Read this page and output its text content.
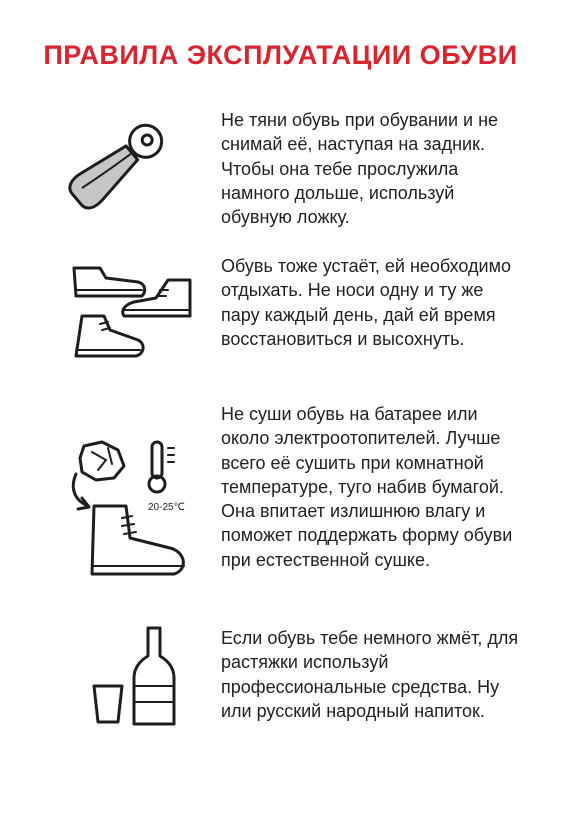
ПРАВИЛА ЭКСПЛУАТАЦИИ ОБУВИ
Не тяни обувь при обувании и не снимай её, наступая на задник. Чтобы она тебе прослужила намного дольше, используй обувную ложку.
Обувь тоже устаёт, ей необходимо отдыхать. Не носи одну и ту же пару каждый день, дай ей время восстановиться и высохнуть.
20-25℃
Не суши обувь на батарее или около электроотопителей. Лучше всего её сушить при комнатной температуре, туго набив бумагой. Она впитает излишнюю влагу и поможет поддержать форму обуви при естественной сушке.
Если обувь тебе немного жмёт, для растяжки используй профессиональные средства. Ну или русский народный напиток.
